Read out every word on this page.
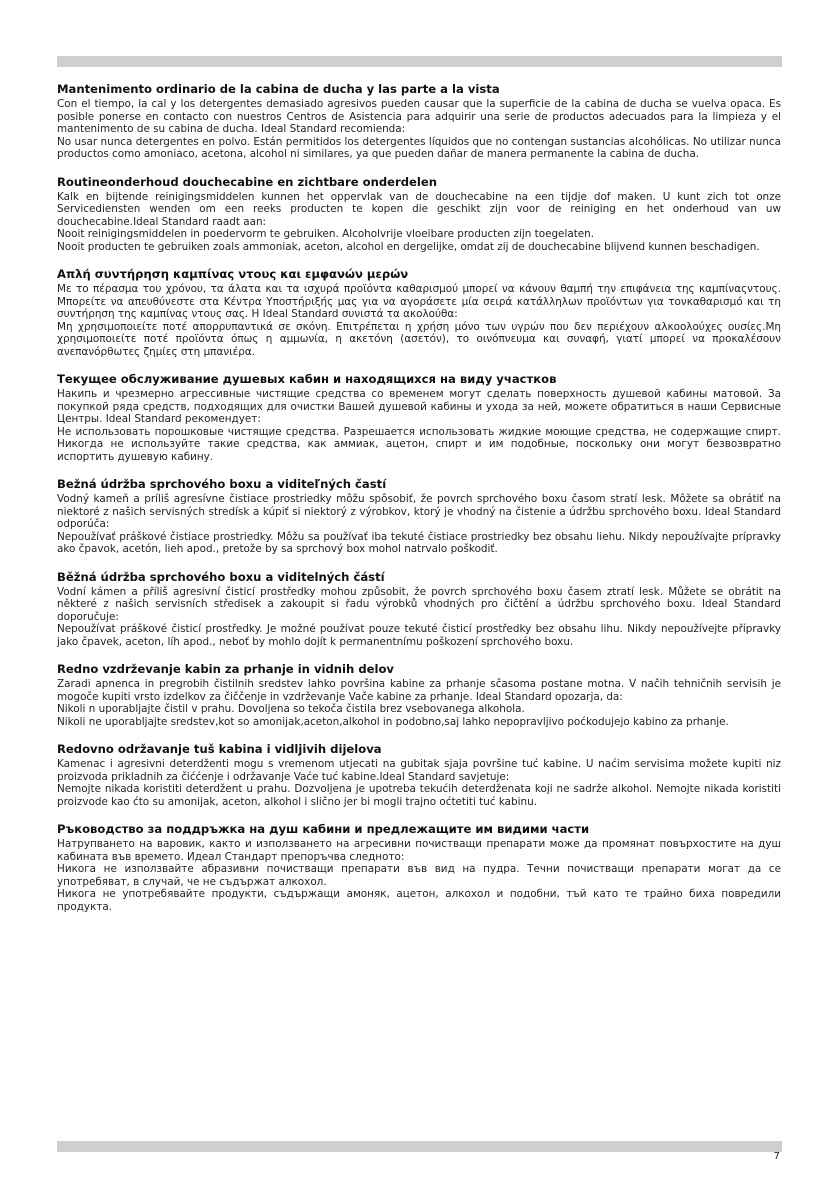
Mantenimento ordinario de la cabina de ducha y las parte a la vista

Con el tiempo, la cal y los detergentes demasiado agresivos pueden causar que la superficie de la cabina de ducha se vuelva opaca. Es posible ponerse en contacto con nuestros Centros de Asistencia para adquirir una serie de productos adecuados para la limpieza y el mantenimento de su cabina de ducha. Ideal Standard recomienda:

No usar nunca detergentes en polvo. Están permitidos los detergentes líquidos que no contengan sustancias alcohólicas. No utilizar nunca productos como amoniaco, acetona, alcohol ni similares, ya que pueden dañar de manera permanente la cabina de ducha.

Routineonderhoud douchecabine en zichtbare onderdelen

Kalk en bijtende reinigingsmiddelen kunnen het oppervlak van de douchecabine na een tijdje dof maken. U kunt zich tot onze Servicediensten wenden om een reeks producten te kopen die geschikt zijn voor de reiniging en het onderhoud van uw douchecabine.Ideal Standard raadt aan:

Nooit reinigingsmiddelen in poedervorm te gebruiken. Alcoholvrije vloeibare producten zijn toegelaten.

Nooit producten te gebruiken zoals ammoniak, aceton, alcohol en dergelijke, omdat zij de douchecabine blijvend kunnen beschadigen.

Απλή συντήρηση καμπίνας ντους και εμφανών μερών

Με το πέρασμα του χρόνου, τα άλατα και τα ισχυρά προϊόντα καθαρισμού μπορεί να κάνουν θαμπή την επιφάνεια της καμπίναςντους. Μπορείτε να απευθύνεστε στα Κέντρα Υποστήριξής μας για να αγοράσετε μία σειρά κατάλληλων προϊόντων για τονκαθαρισμό και τη συντήρηση της καμπίνας ντους σας. Η Ideal Standard συνιστά τα ακολούθα:

Μη χρησιμοποιείτε ποτέ απορρυπαντικά σε σκόνη. Επιτρέπεται η χρήση μόνο των υγρών που δεν περιέχουν αλκοολούχες ουσίες.Μη χρησιμοποιείτε ποτέ προϊόντα όπως η αμμωνία, η ακετόνη (ασετόν), το οινόπνευμα και συναφή, γιατί μπορεί να προκαλέσουν ανεπανόρθωτες ζημίες στη μπανιέρα.

Текущее обслуживание душевых кабин и находящихся на виду участков

Накипь и чрезмерно агрессивные чистящие средства со временем могут сделать поверхность душевой кабины матовой. За покупкой ряда средств, подходящих для очистки Вашей душевой кабины и ухода за ней, можете обратиться в наши Сервисные Центры. Ideal Standard рекомендует:

Не использовать порошковые чистящие средства. Разрешается использовать жидкие моющие средства, не содержащие спирт. Никогда не используйте такие средства, как аммиак, ацетон, спирт и им подобные, поскольку они могут безвозвратно испортить душевую кабину.

Bežná údržba sprchového boxu a viditeľných častí

Vodný kameň a príliš agresívne čistiace prostriedky môžu spôsobiť, že povrch sprchového boxu časom stratí lesk. Môžete sa obrátiť na niektoré z našich servisných stredísk a kúpiť si niektorý z výrobkov, ktorý je vhodný na čistenie a údržbu sprchového boxu. Ideal Standard odporúča:

Nepoužívať práškové čistiace prostriedky. Môžu sa používať iba tekuté čistiace prostriedky bez obsahu liehu. Nikdy nepoužívajte prípravky ako čpavok, acetón, lieh apod., pretože by sa sprchový box mohol natrvalo poškodiť.

Běžná údržba sprchového boxu a viditelných částí

Vodní kámen a příliš agresivní čisticí prostředky mohou způsobit, že povrch sprchového boxu časem ztratí lesk. Můžete se obrátit na některé z našich servisních středisek a zakoupit si řadu výrobků vhodných pro čičtění a údržbu sprchového boxu. Ideal Standard doporučuje:

Nepoužívat práškové čisticí prostředky. Je možné používat pouze tekuté čisticí prostředky bez obsahu lihu. Nikdy nepoužívejte přípravky jako čpavek, aceton, líh apod., neboť by mohlo dojít k permanentnímu poškození sprchového boxu.

Redno vzdrževanje kabin za prhanje in vidnih delov

Zaradi apnenca in pregrobih čistilnih sredstev lahko površina kabine za prhanje sčasoma postane motna. V načih tehničnih servisih je mogoče kupiti vrsto izdelkov za čiččenje in vzdrževanje Vače kabine za prhanje. Ideal Standard opozarja, da:

Nikoli n uporabljajte čistil v prahu. Dovoljena so tekoča čistila brez vsebovanega alkohola.

Nikoli ne uporabljajte sredstev,kot so amonijak,aceton,alkohol in podobno,saj lahko nepopravljivo poćkodujejo kabino za prhanje.

Redovno održavanje tuš kabina i vidljivih dijelova

Kamenac i agresivni deterdženti mogu s vremenom utjecati na gubitak sjaja površine tuć kabine. U naćim servisima možete kupiti niz proizvoda prikladnih za čiććenje i održavanje Vaće tuć kabine.Ideal Standard savjetuje:

Nemojte nikada koristiti deterdžent u prahu. Dozvoljena je upotreba tekućih deterdženata koji ne sadrže alkohol. Nemojte nikada koristiti proizvode kao ćto su amonijak, aceton, alkohol i slično jer bi mogli trajno oćtetiti tuć kabinu.

Ръководство за поддръжка на душ кабини и предлежащите им видими части

Натрупването на варовик, както и използването на агресивни почистващи препарати може да промянат повърхостите на душ кабината във времето. Идеал Стандарт препоръчва следното:

Никога не използвайте абразивни почистващи препарати във вид на пудра. Течни почистващи препарати могат да се употребяват, в случай, че не съдържат алкохол.

Никога не употребявайте продукти, съдържащи амоняк, ацетон, алкохол и подобни, тъй като те трайно биха повредили продукта.

7
